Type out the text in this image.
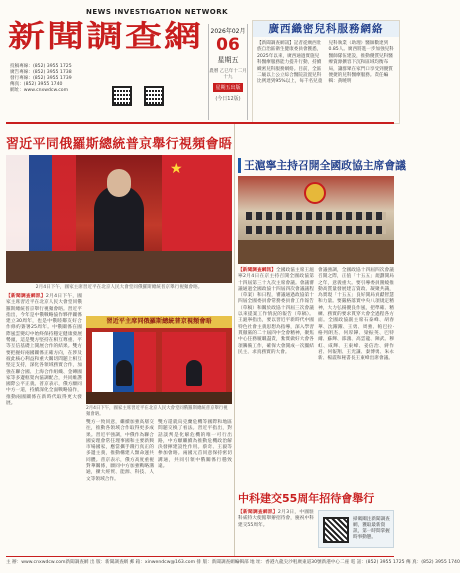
NEWS INVESTIGATION NETWORK
新聞調查網
投稿專線：(852) 3955 1725
廣告專線：(852) 3955 1738
發行專線：(852) 3955 1739
傳真：(852) 3955 1740
網址：www.cnxwdcw.com
2026年02月
06
星期五
農曆 乙巳年十二月十九
星期五出版
(今日12版)
廣西織密兒科服務網絡
【新聞調查網訊】記者從廣西壯族自治區衛生健康委員會獲悉，2025年以來，廣西通過實施兒科醫療服務能力提升行動，持續織密兒科服務網絡。目前，全區二級以上公立綜合醫院設置兒科比例達到95%以上，每千名兒童兒科執業（助理）醫師數達到0.85人。廣西將進一步加強兒科醫師隊伍建設，推動優質兒科醫療資源擴容下沉和區域均衡布局，讓群眾在家門口享受到優質便捷的兒科醫療服務。責任編輯：黃曉明
習近平同俄羅斯總統普京舉行視頻會晤
★
2月4日下午，國家主席習近平在北京人民大會堂同俄羅斯總統普京舉行視頻會晤。
【新聞調查網訊】2月4日下午，國家主席習近平在北京人民大會堂同俄羅斯總統普京舉行視頻會晤。習近平指出，今年是中俄戰略協作夥伴關係建立30周年，也是中俄睦鄰友好合作條約簽署25周年。中俄關係在國際風雲變幻中始終保持穩定健康發展勢頭，這是雙方堅持在相互尊重、平等互信基礎上開展合作的結果。雙方要把握好兩國關係正確方向，在涉及彼此核心利益和重大關切問題上相互堅定支持，深化各領域務實合作，加強在聯合國、上海合作組織、金磚國家等多邊框架內協調配合，共同維護國際公平正義。普京表示，俄方願同中方一道，持續深化全面戰略協作，推動兩國關係在新時代取得更大發展。
習近平主席同俄羅斯總統普京視頻會晤
2月4日下午，國家主席習近平在北京人民大會堂同俄羅斯總統普京舉行視頻會晤。
雙方一致同意，繼續加強高層交往，推動各領域合作取得更多成果。習近平強調，中俄作為聯合國安理會常任理事國和主要新興市場國家，應當攜手踐行真正的多邊主義，推動構建人類命運共同體。普京表示，俄方高度重視對華關係，願同中方加強戰略溝通，擴大經貿、能源、科技、人文等領域合作。
雙方還就烏克蘭危機等國際和地區問題交換了看法。習近平指出，對話談判是化解危機的唯一可行出路，中方願繼續為推動危機政治解決發揮建設性作用。蔡奇、王毅等參加會晤。兩國元首同意保持密切溝通，共同引領中俄關係行穩致遠。
王滬寧主持召開全國政協主席會議
【新聞調查網訊】全國政協主席王滬寧2月4日在京主持召開全國政協第十四屆第三十九次主席會議。會議審議通過全國政協十四屆四次會議議程（草案）和日程，審議通過政協第十四屆全國委員會常務委員會工作報告（草稿）和關於政協十四屆三次會議以來提案工作情況的報告（草稿）。王滬寧指出，要以習近平新時代中國特色社會主義思想為指導，深入學習貫徹黨的二十屆四中全會精神，聚焦中心任務履職盡責，紮實做好大會各項籌備工作，確保大會開成一次團結民主、求真務實的大會。
會議強調，全國政協十四屆四次會議召開之際，正值「十五五」規劃開局之年，意義重大。要引導委員圍繞推動高質量發展建言資政、凝聚共識，為實現「十五五」良好開局貢獻智慧和力量。要嚴格落實中央八項規定精神，大力弘揚優良作風，把準確、精練、務實的要求貫穿大會全過程各方面。全國政協副主席石泰峰、胡春華、沈躍躍、王勇、周強、帕巴拉·格列朗杰、何厚鏵、梁振英、巴特爾、蘇輝、邵鴻、高雲龍、陳武、穆虹、咸輝、王東峰、姜信治、蔣作君、何報翔、王光謙、秦博勇、朱永新、楊震和秘書長王東峰出席會議。
中科建交55周年招待會舉行
【新聞調查網訊】2月3日，中國駐科威特大使館舉辦招待會，慶祝中科建交55周年。
掃碼關注新聞調查網，獲取最新資訊，第一時間掌握時事動態。
主 辦：www.cnxwdcw.com新聞調查網 出 版：新聞調查網 郵 箱：xinwendcw@163.com 排 版：新聞調查網編輯部 地 址：香港九龍尖沙咀廣東道30號新港中心二座 電 話：(852) 3955 1725 傳 真：(852) 3955 1740
